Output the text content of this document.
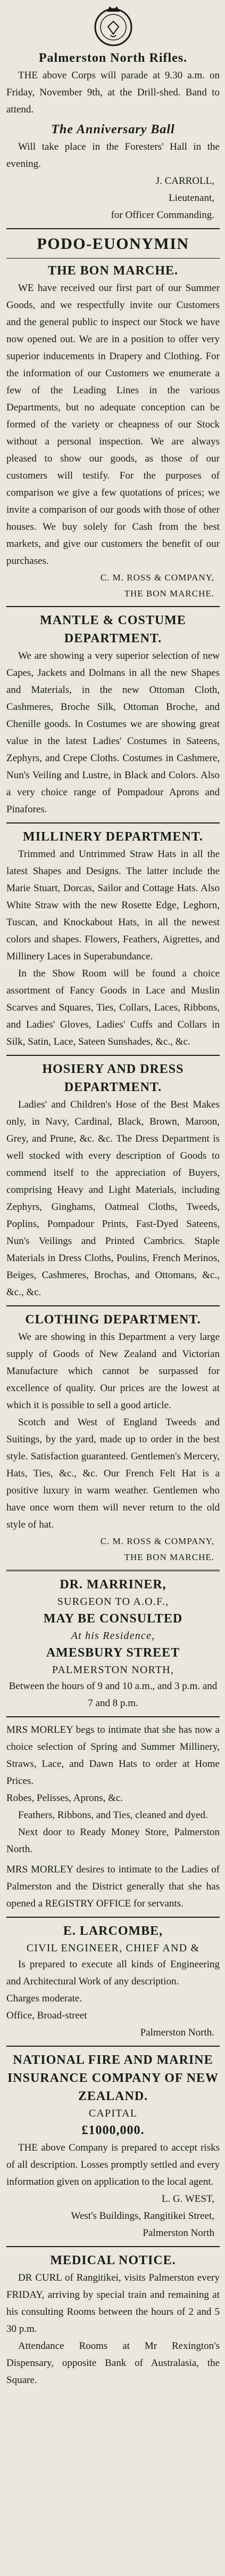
Palmerston North Rifles.

THE above Corps will parade at 9.30 a.m. on Friday, November 9th, at the Drill-shed. Band to attend.

The Anniversary Ball

Will take place in the Foresters' Hall in the evening.

J. CARROLL,
Lieutenant,
for Officer Commanding.
PODO-EUONYMIN
THE BON MARCHE.

WE have received our first part of our Summer Goods, and we respectfully invite our Customers and the general public to inspect our Stock we have now opened out. We are in a position to offer very superior inducements in Drapery and Clothing. For the information of our Customers we enumerate a few of the Leading Lines in the various Departments, but no adequate conception can be formed of the variety or cheapness of our Stock without a personal inspection. We are always pleased to show our goods, as those of our customers will testify. For the purposes of comparison we give a few quotations of prices; we invite a comparison of our goods with those of other houses. We buy solely for Cash from the best markets, and give our customers the benefit of our purchases.

C. M. ROSS & COMPANY,
THE BON MARCHE.
MANTLE & COSTUME DEPARTMENT.

We are showing a very superior selection of new Capes, Jackets and Dolmans in all the new Shapes and Materials, in the new Ottoman Cloth, Cashmeres, Broche Silk, Ottoman Broche, and Chenille goods. In Costumes we are showing great value in the latest Ladies' Costumes in Sateens, Zephyrs, and Crepe Cloths. Costumes in Cashmere, Nun's Veiling and Lustre, in Black and Colors. Also a very choice range of Pompadour Aprons and Pinafores.

MILLINERY DEPARTMENT.

Trimmed and Untrimmed Straw Hats in all the latest Shapes and Designs. The latter include the Marie Stuart, Dorcas, Sailor and Cottage Hats. Also White Straw with the new Rosette Edge, Leghorn, Tuscan, and Knockabout Hats, in all the newest colors and shapes. Flowers, Feathers, Aigrettes, and Millinery Laces in Superabundance.

In the Show Room will be found a choice assortment of Fancy Goods in Lace and Muslin Scarves and Squares, Ties, Collars, Laces, Ribbons, and Ladies' Gloves, Ladies' Cuffs and Collars in Silk, Satin, Lace, Sateen Sunshades, &c., &c.

HOSIERY AND DRESS DEPARTMENT.

Ladies' and Children's Hose of the Best Makes only, in Navy, Cardinal, Black, Brown, Maroon, Grey, and Prune, &c. &c. The Dress Department is well stocked with every description of Goods to commend itself to the appreciation of Buyers, comprising Heavy and Light Materials, including Zephyrs, Ginghams, Oatmeal Cloths, Tweeds, Poplins, Pompadour Prints, Fast-Dyed Sateens, Nun's Veilings and Printed Cambrics. Staple Materials in Dress Cloths, Poulins, French Merinos, Beiges, Cashmeres, Brochas, and Ottomans, &c., &c., &c.

CLOTHING DEPARTMENT.

We are showing in this Department a very large supply of Goods of New Zealand and Victorian Manufacture which cannot be surpassed for excellence of quality. Our prices are the lowest at which it is possible to sell a good article.

Scotch and West of England Tweeds and Suitings, by the yard, made up to order in the best style. Satisfaction guaranteed. Gentlemen's Mercery, Hats, Ties, &c., &c. Our French Felt Hat is a positive luxury in warm weather. Gentlemen who have once worn them will never return to the old style of hat.

C. M. ROSS & COMPANY,
THE BON MARCHE.
DR. MARRINER,
SURGEON TO A.O.F.,
MAY BE CONSULTED
At his Residence,
AMESBURY STREET
PALMERSTON NORTH,

Between the hours of 9 and 10 a.m., and 3 p.m. and 7 and 8 p.m.

MRS MORLEY begs to intimate that she has now a choice selection of Spring and Summer Millinery, Straws, Lace, and Dawn Hats to order at Home Prices.

Robes, Pelisses, Aprons, &c.

Feathers, Ribbons, and Ties, cleaned and dyed.

Next door to Ready Money Store, Palmerston North.

MRS MORLEY desires to intimate to the Ladies of Palmerston and the District generally that she has opened a REGISTRY OFFICE for servants.

E. LARCOMBE,
CIVIL ENGINEER, CHIEF AND &

Is prepared to execute all kinds of Engineering and Architectural Work of any description.

Charges moderate.

Office, Broad-street

Palmerston North.

NATIONAL FIRE AND MARINE INSURANCE COMPANY OF NEW ZEALAND.
CAPITAL
£1000,000.

THE above Company is prepared to accept risks of all description. Losses promptly settled and every information given on application to the local agent.

L. G. WEST,
West's Buildings, Rangitikei Street,
Palmerston North
MEDICAL NOTICE.

DR CURL of Rangitikei, visits Palmerston every FRIDAY, arriving by special train and remaining at his consulting Rooms between the hours of 2 and 5 30 p.m.

Attendance Rooms at Mr Rexington's Dispensary, opposite Bank of Australasia, the Square.
